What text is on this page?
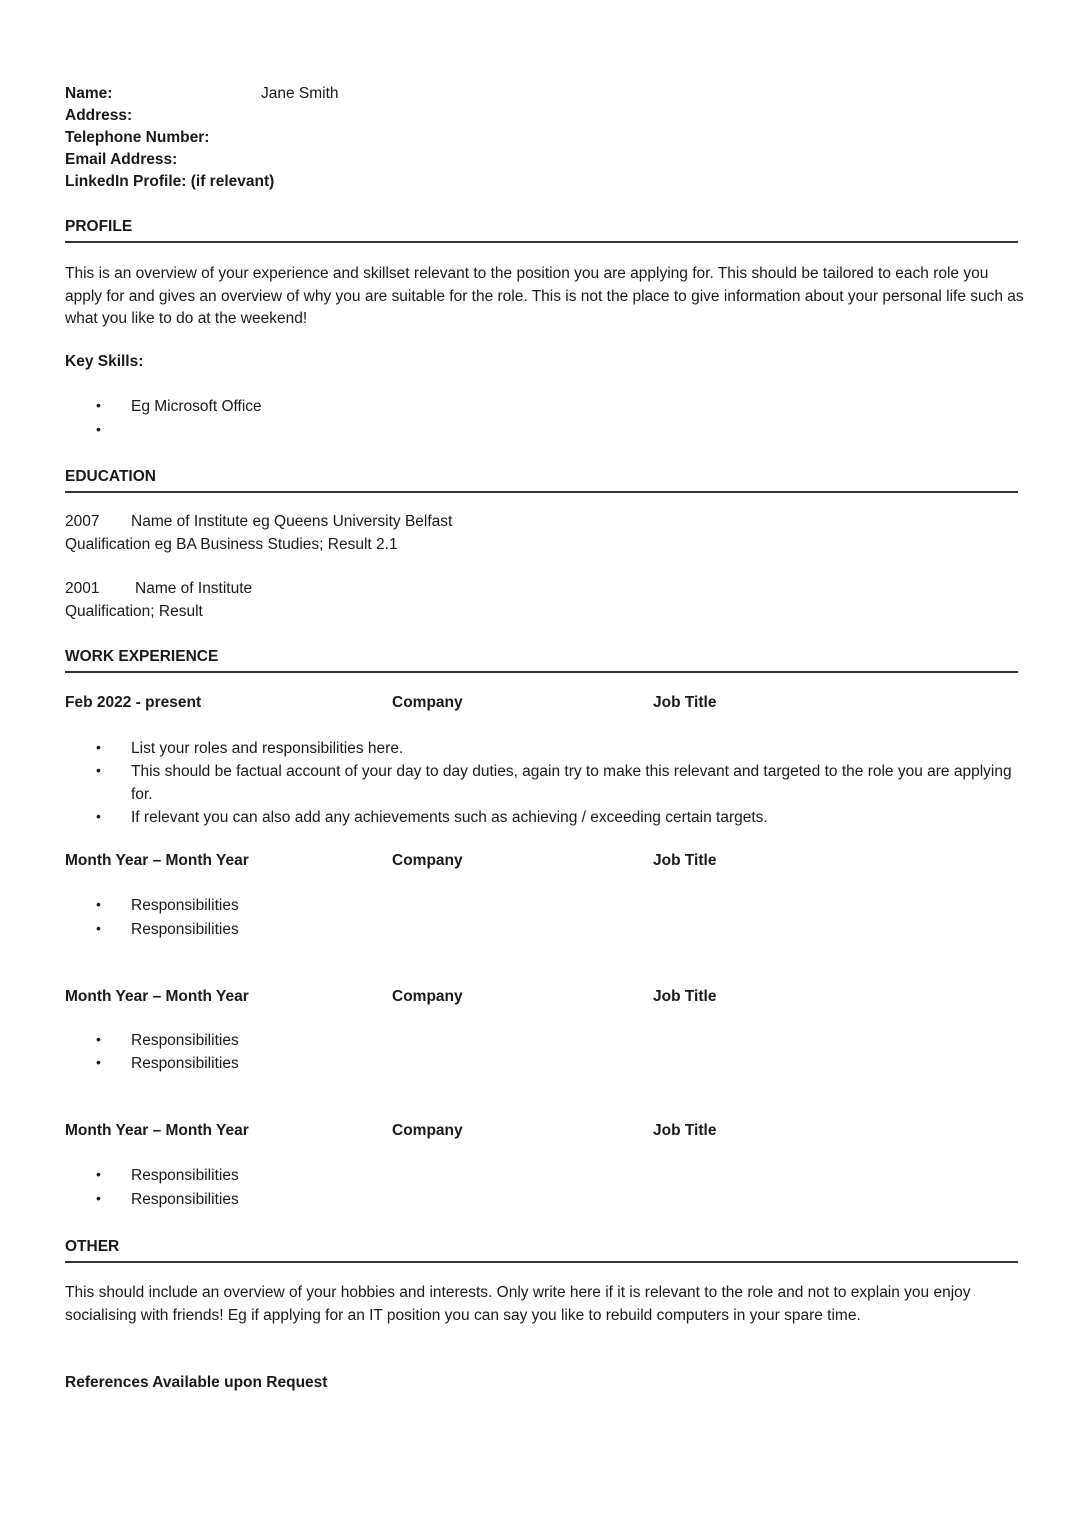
Name:	Jane Smith
Address:
Telephone Number:
Email Address:
LinkedIn Profile: (if relevant)
PROFILE
This is an overview of your experience and skillset relevant to the position you are applying for. This should be tailored to each role you apply for and gives an overview of why you are suitable for the role. This is not the place to give information about your personal life such as what you like to do at the weekend!
Key Skills:
• Eg Microsoft Office
•
EDUCATION
2007 Name of Institute eg Queens University Belfast
Qualification eg BA Business Studies; Result 2.1
2001 Name of Institute
Qualification; Result
WORK EXPERIENCE
Feb 2022 - present	Company	Job Title
• List your roles and responsibilities here.
• This should be factual account of your day to day duties, again try to make this relevant and targeted to the role you are applying for.
• If relevant you can also add any achievements such as achieving / exceeding certain targets.
Month Year – Month Year	Company	Job Title
• Responsibilities
• Responsibilities
Month Year – Month Year	Company	Job Title
• Responsibilities
• Responsibilities
Month Year – Month Year	Company	Job Title
• Responsibilities
• Responsibilities
OTHER
This should include an overview of your hobbies and interests. Only write here if it is relevant to the role and not to explain you enjoy socialising with friends! Eg if applying for an IT position you can say you like to rebuild computers in your spare time.
References Available upon Request
